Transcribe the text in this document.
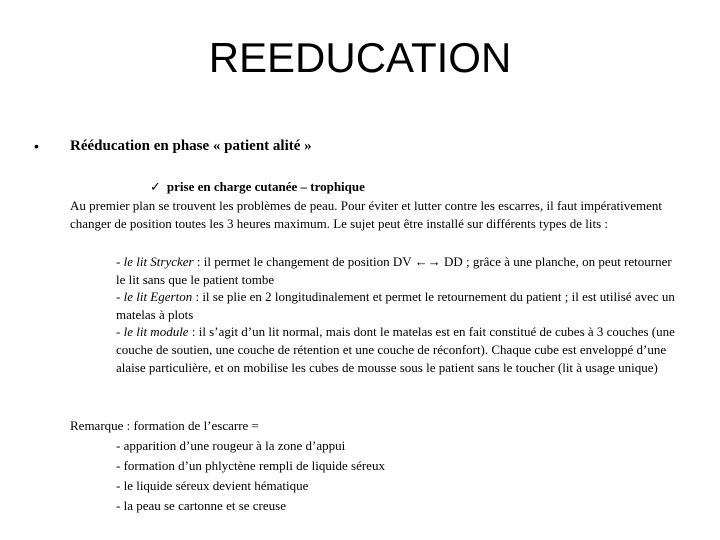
REEDUCATION
• Rééducation en phase « patient alité »
✓ prise en charge cutanée – trophique
Au premier plan se trouvent les problèmes de peau. Pour éviter et lutter contre les escarres, il faut impérativement changer de position toutes les 3 heures maximum. Le sujet peut être installé sur différents types de lits :
- le lit Strycker : il permet le changement de position DV ←→ DD ; grâce à une planche, on peut retourner le lit sans que le patient tombe
- le lit Egerton : il se plie en 2 longitudinalement et permet le retournement du patient ; il est utilisé avec un matelas à plots
- le lit module : il s’agit d’un lit normal, mais dont le matelas est en fait constitué de cubes à 3 couches (une couche de soutien, une couche de rétention et une couche de réconfort). Chaque cube est enveloppé d’une alaise particulière, et on mobilise les cubes de mousse sous le patient sans le toucher (lit à usage unique)
Remarque : formation de l’escarre =
- apparition d’une rougeur à la zone d’appui
- formation d’un phlyctène rempli de liquide séreux
- le liquide séreux devient hématique
- la peau se cartonne et se creuse
